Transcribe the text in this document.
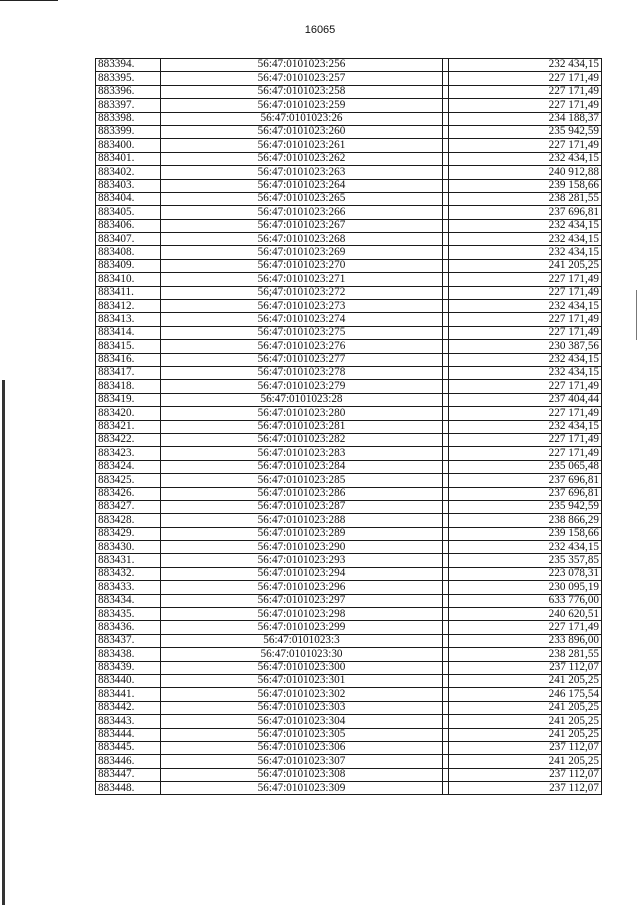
16065
883394.	56:47:0101023:256		232 434,15
883395.	56:47:0101023:257		227 171,49
883396.	56:47:0101023:258		227 171,49
883397.	56:47:0101023:259		227 171,49
883398.	56:47:0101023:26		234 188,37
883399.	56:47:0101023:260		235 942,59
883400.	56:47:0101023:261		227 171,49
883401.	56:47:0101023:262		232 434,15
883402.	56:47:0101023:263		240 912,88
883403.	56:47:0101023:264		239 158,66
883404.	56:47:0101023:265		238 281,55
883405.	56:47:0101023:266		237 696,81
883406.	56:47:0101023:267		232 434,15
883407.	56:47:0101023:268		232 434,15
883408.	56:47:0101023:269		232 434,15
883409.	56:47:0101023:270		241 205,25
883410.	56:47:0101023:271		227 171,49
883411.	56;47:0101023:272		227 171,49
883412.	56:47:0101023:273		232 434,15
883413.	56:47:0101023:274		227 171,49
883414.	56:47:0101023:275		227 171,49
883415.	56:47:0101023:276		230 387,56
883416.	56:47:0101023:277		232 434,15
883417.	56:47:0101023:278		232 434,15
883418.	56:47:0101023:279		227 171,49
883419.	56:47:0101023:28		237 404,44
883420.	56:47:0101023:280		227 171,49
883421.	56:47:0101023:281		232 434,15
883422.	56:47:0101023:282		227 171,49
883423.	56:47:0101023:283		227 171,49
883424.	56:47:0101023:284		235 065,48
883425.	56:47:0101023:285		237 696,81
883426.	56:47:0101023:286		237 696,81
883427.	56:47:0101023:287		235 942,59
883428.	56:47:0101023:288		238 866,29
883429.	56:47:0101023:289		239 158,66
883430.	56:47:0101023:290		232 434,15
883431.	56:47:0101023:293		235 357,85
883432.	56:47:0101023:294		223 078,31
883433.	56:47:0101023:296		230 095,19
883434.	56:47:0101023:297		633 776,00
883435.	56:47:0101023:298		240 620,51
883436.	56:47:0101023:299		227 171,49
883437.	56:47:0101023:3		233 896,00
883438.	56:47:0101023:30		238 281,55
883439.	56:47:0101023:300		237 112,07
883440.	56:47:0101023:301		241 205,25
883441.	56:47:0101023:302		246 175,54
883442.	56:47:0101023:303		241 205,25
883443.	56:47:0101023:304		241 205,25
883444.	56:47:0101023:305		241 205,25
883445.	56:47:0101023:306		237 112,07
883446.	56:47:0101023:307		241 205,25
883447.	56:47:0101023:308		237 112,07
883448.	56:47:0101023:309		237 112,07
